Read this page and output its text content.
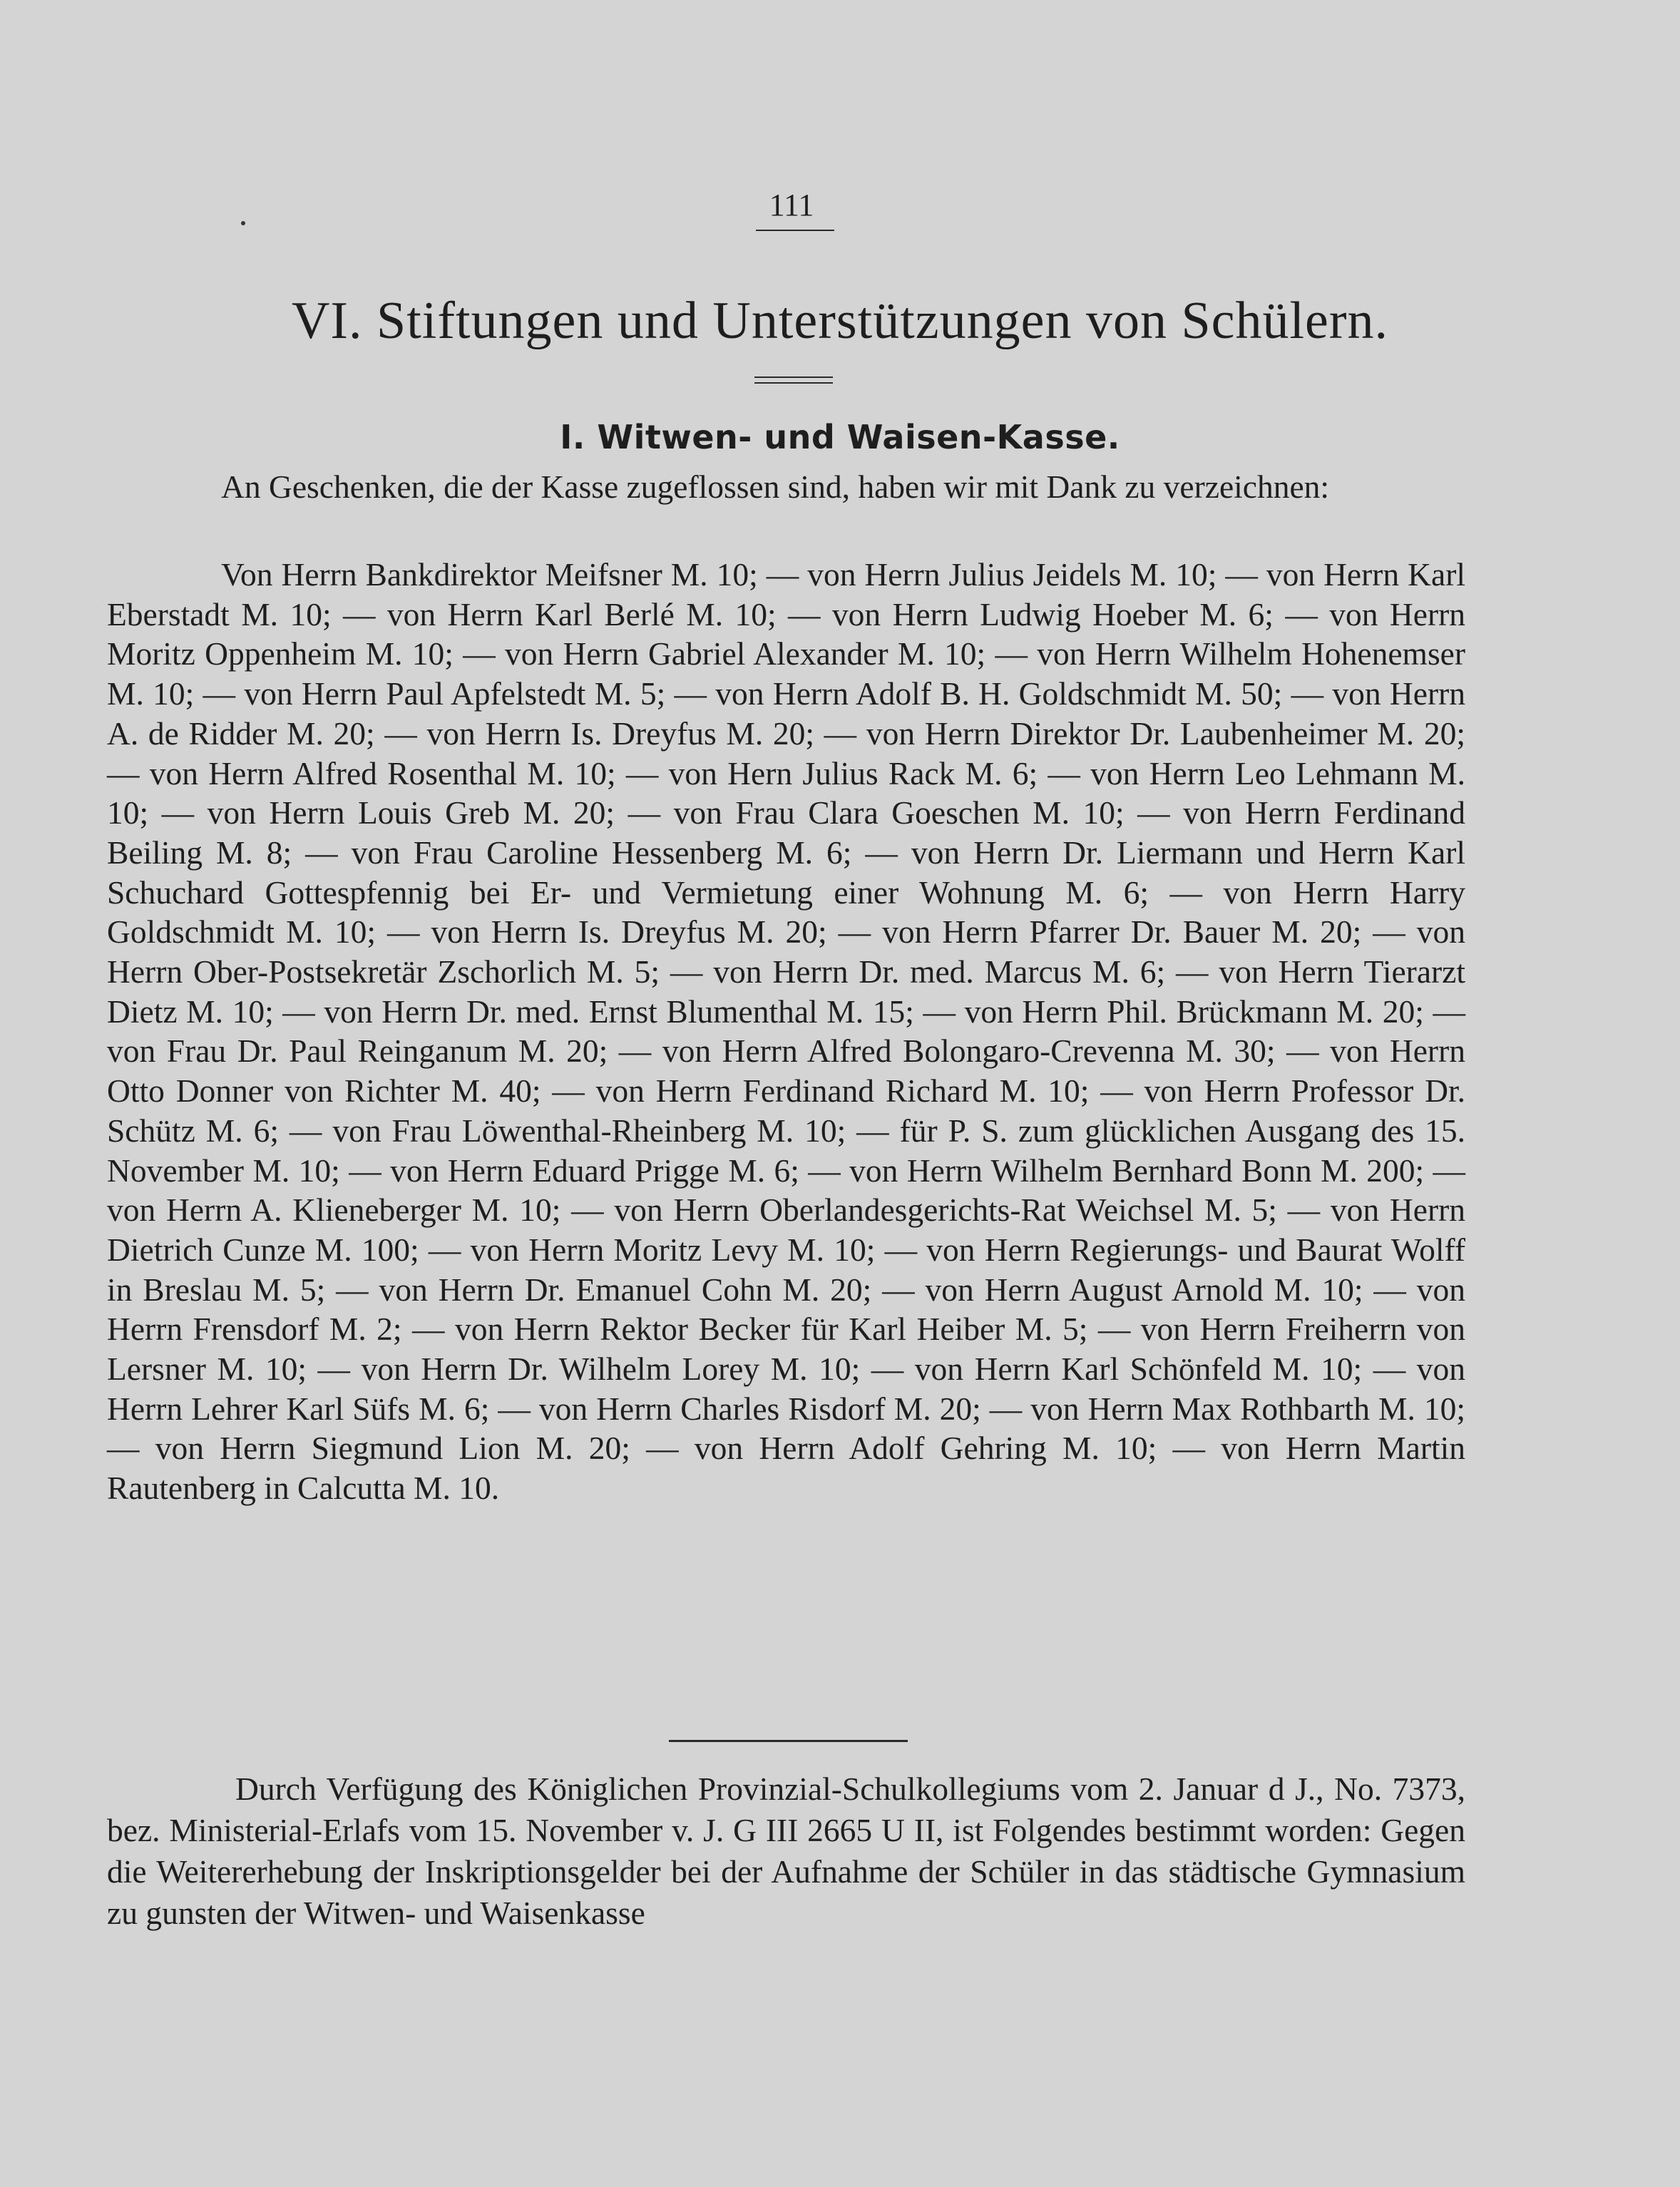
111
VI. Stiftungen und Unterstützungen von Schülern.
I. Witwen- und Waisen-Kasse.

An Geschenken, die der Kasse zugeflossen sind, haben wir mit Dank zu verzeichnen:

Von Herrn Bankdirektor Meifsner M. 10; — von Herrn Julius Jeidels M. 10; — von Herrn Karl Eberstadt M. 10; — von Herrn Karl Berlé M. 10; — von Herrn Ludwig Hoeber M. 6; — von Herrn Moritz Oppenheim M. 10; — von Herrn Gabriel Alexander M. 10; — von Herrn Wilhelm Hohenemser M. 10; — von Herrn Paul Apfelstedt M. 5; — von Herrn Adolf B. H. Goldschmidt M. 50; — von Herrn A. de Ridder M. 20; — von Herrn Is. Dreyfus M. 20; — von Herrn Direktor Dr. Laubenheimer M. 20; — von Herrn Alfred Rosenthal M. 10; — von Hern Julius Rack M. 6; — von Herrn Leo Lehmann M. 10; — von Herrn Louis Greb M. 20; — von Frau Clara Goeschen M. 10; — von Herrn Ferdinand Beiling M. 8; — von Frau Caroline Hessenberg M. 6; — von Herrn Dr. Liermann und Herrn Karl Schuchard Gottespfennig bei Er- und Vermietung einer Wohnung M. 6; — von Herrn Harry Goldschmidt M. 10; — von Herrn Is. Dreyfus M. 20; — von Herrn Pfarrer Dr. Bauer M. 20; — von Herrn Ober-Postsekretär Zschorlich M. 5; — von Herrn Dr. med. Marcus M. 6; — von Herrn Tierarzt Dietz M. 10; — von Herrn Dr. med. Ernst Blumenthal M. 15; — von Herrn Phil. Brückmann M. 20; — von Frau Dr. Paul Reinganum M. 20; — von Herrn Alfred Bolongaro-Crevenna M. 30; — von Herrn Otto Donner von Richter M. 40; — von Herrn Ferdinand Richard M. 10; — von Herrn Professor Dr. Schütz M. 6; — von Frau Löwenthal-Rheinberg M. 10; — für P. S. zum glücklichen Ausgang des 15. November M. 10; — von Herrn Eduard Prigge M. 6; — von Herrn Wilhelm Bernhard Bonn M. 200; — von Herrn A. Klieneberger M. 10; — von Herrn Oberlandesgerichts-Rat Weichsel M. 5; — von Herrn Dietrich Cunze M. 100; — von Herrn Moritz Levy M. 10; — von Herrn Regierungs- und Baurat Wolff in Breslau M. 5; — von Herrn Dr. Emanuel Cohn M. 20; — von Herrn August Arnold M. 10; — von Herrn Frensdorf M. 2; — von Herrn Rektor Becker für Karl Heiber M. 5; — von Herrn Freiherrn von Lersner M. 10; — von Herrn Dr. Wilhelm Lorey M. 10; — von Herrn Karl Schönfeld M. 10; — von Herrn Lehrer Karl Süfs M. 6; — von Herrn Charles Risdorf M. 20; — von Herrn Max Rothbarth M. 10; — von Herrn Siegmund Lion M. 20; — von Herrn Adolf Gehring M. 10; — von Herrn Martin Rautenberg in Calcutta M. 10.

Durch Verfügung des Königlichen Provinzial-Schulkollegiums vom 2. Januar d J., No. 7373, bez. Ministerial-Erlafs vom 15. November v. J. G III 2665 U II, ist Folgendes bestimmt worden: Gegen die Weitererhebung der Inskriptionsgelder bei der Aufnahme der Schüler in das städtische Gymnasium zu gunsten der Witwen- und Waisenkasse
